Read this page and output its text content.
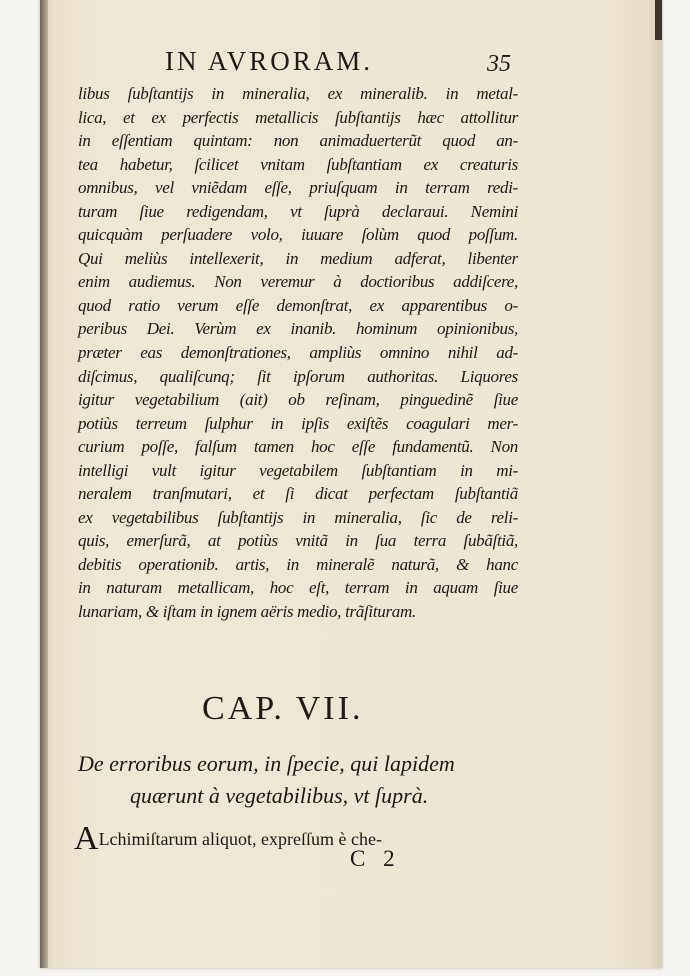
IN AVRORAM.	35
libus ſubſtantijs in mineralia, ex mineralib. in metal-
lica, et ex perfectis metallicis ſubſtantijs hæc attollitur
in eſſentiam quintam: non animaduerterũt quod an-
tea habetur, ſcilicet vnitam ſubſtantiam ex creaturis
omnibus, vel vniẽdam eſſe, priuſquam in terram redi-
turam ſiue redigendam, vt ſuprà declaraui. Nemini
quicquàm perſuadere volo, iuuare ſolùm quod poſſum.
Qui meliùs intellexerit, in medium adferat, libenter
enim audiemus. Non veremur à doctioribus addiſcere,
quod ratio verum eſſe demonſtrat, ex apparentibus o-
peribus Dei. Verùm ex inanib. hominum opinionibus,
præter eas demonſtrationes, ampliùs omnino nihil ad-
diſcimus, qualiſcunq; ſit ipſorum authoritas. Liquores
igitur vegetabilium (ait) ob reſinam, pinguedinẽ ſiue
potiùs terreum ſulphur in ipſis exiſtẽs coagulari mer-
curium poſſe, falſum tamen hoc eſſe fundamentũ. Non
intelligi vult igitur vegetabilem ſubſtantiam in mi-
neralem tranſmutari, et ſi dicat perfectam ſubſtantiã
ex vegetabilibus ſubſtantijs in mineralia, ſic de reli-
quis, emerſurã, at potiùs vnitã in ſua terra ſubãſtiã,
debitis operationib. artis, in mineralẽ naturã, & hanc
in naturam metallicam, hoc eſt, terram in aquam ſiue
lunariam, & iſtam in ignem aëris medio, trãſituram.
CAP. VII.
De erroribus eorum, in ſpecie, qui lapidem
quærunt à vegetabilibus, vt ſuprà.
ALchimiſtarum aliquot, expreſſum è che-
C 2
